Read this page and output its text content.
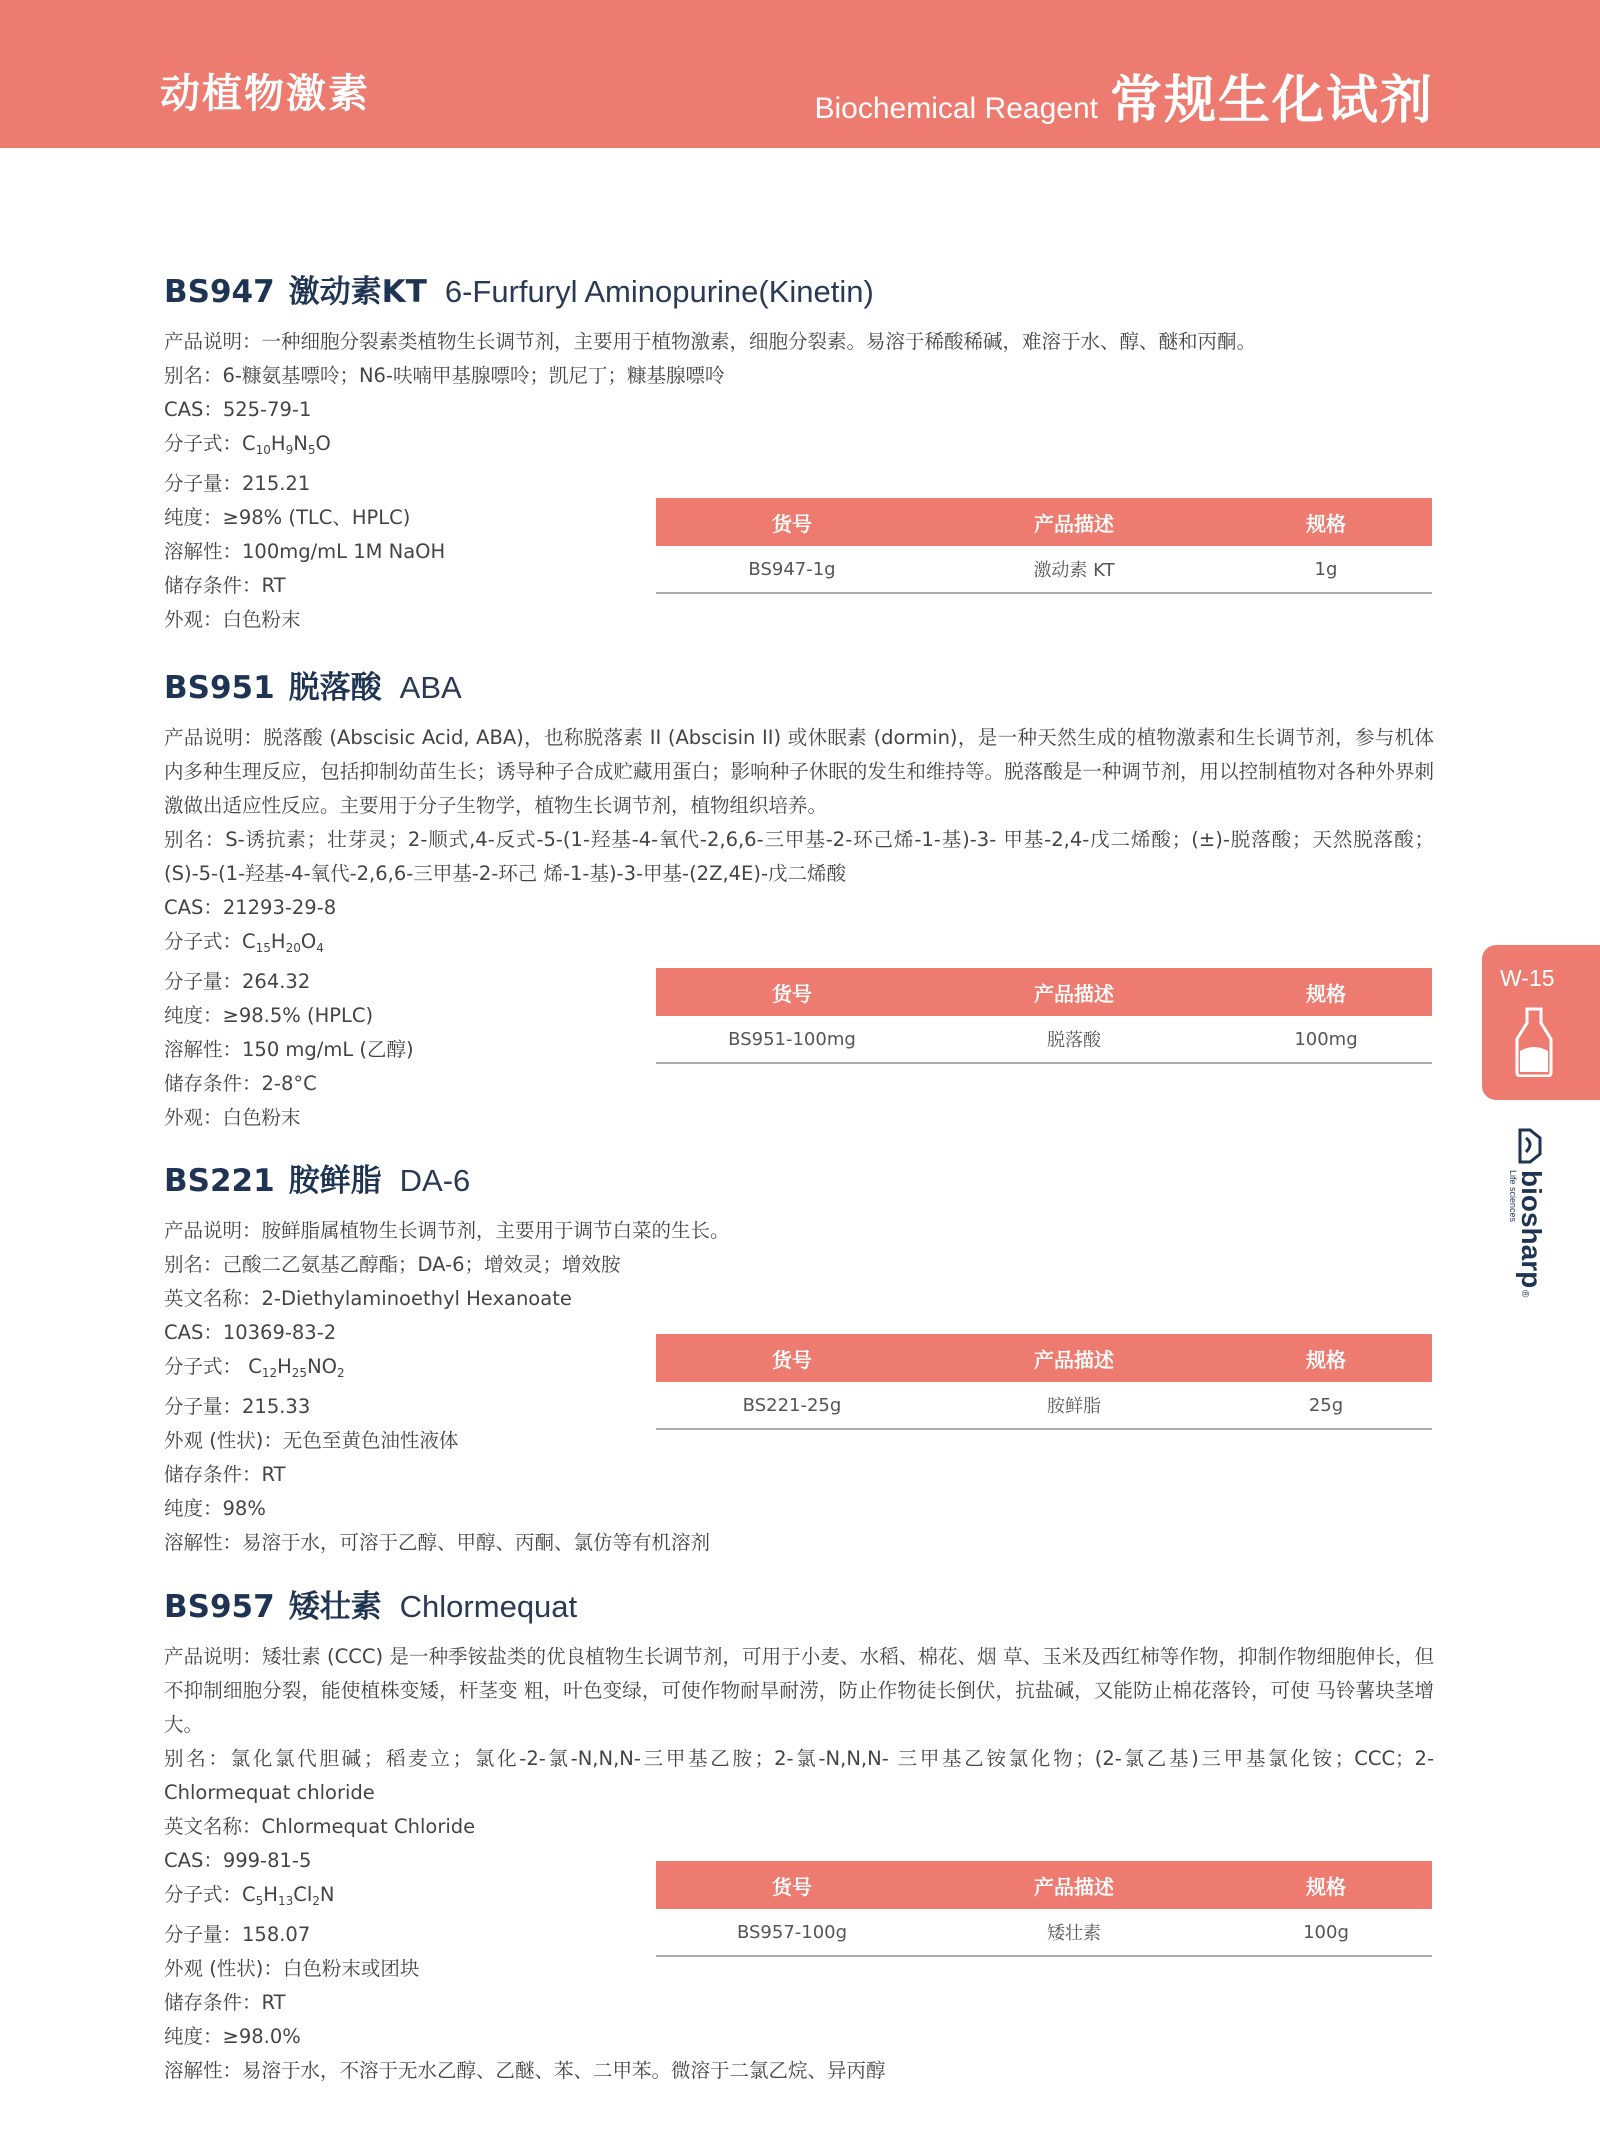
动植物激素	Biochemical Reagent 常规生化试剂
BS947 激动素KT 6-Furfuryl Aminopurine(Kinetin)
产品说明：一种细胞分裂素类植物生长调节剂，主要用于植物激素，细胞分裂素。易溶于稀酸稀碱，难溶于水、醇、醚和丙酮。
别名：6-糠氨基嘌呤；N6-呋喃甲基腺嘌呤；凯尼丁；糠基腺嘌呤
CAS：525-79-1
分子式：$C_{10}H_9N_5O$
分子量：215.21
纯度：≥98% (TLC、HPLC)
溶解性：100mg/mL 1M NaOH
储存条件：RT
外观：白色粉末
货号	产品描述	规格
BS947-1g	激动素 KT	1g
BS951 脱落酸 ABA
产品说明：脱落酸 (Abscisic Acid, ABA)，也称脱落素 II (Abscisin II) 或休眠素 (dormin)，是一种天然生成的植物激素和生长调节剂，参与机体内多种生理反应，包括抑制幼苗生长；诱导种子合成贮藏用蛋白；影响种子休眠的发生和维持等。脱落酸是一种调节剂，用以控制植物对各种外界刺激做出适应性反应。主要用于分子生物学，植物生长调节剂，植物组织培养。
别名：S-诱抗素；壮芽灵；2-顺式,4-反式-5-(1-羟基-4-氧代-2,6,6-三甲基-2-环己烯-1-基)-3- 甲基-2,4-戊二烯酸；(±)-脱落酸；天然脱落酸；(S)-5-(1-羟基-4-氧代-2,6,6-三甲基-2-环己 烯-1-基)-3-甲基-(2Z,4E)-戊二烯酸
CAS：21293-29-8
分子式：$C_{15}H_{20}O_4$
分子量：264.32
纯度：≥98.5% (HPLC)
溶解性：150 mg/mL (乙醇)
储存条件：2-8°C
外观：白色粉末
货号	产品描述	规格
BS951-100mg	脱落酸	100mg
BS221 胺鲜脂 DA-6
产品说明：胺鲜脂属植物生长调节剂，主要用于调节白菜的生长。
别名：己酸二乙氨基乙醇酯；DA-6；增效灵；增效胺
英文名称：2-Diethylaminoethyl Hexanoate
CAS：10369-83-2
分子式： $C_{12}H_{25}NO_2$
分子量：215.33
外观 (性状)：无色至黄色油性液体
储存条件：RT
纯度：98%
溶解性：易溶于水，可溶于乙醇、甲醇、丙酮、氯仿等有机溶剂
货号	产品描述	规格
BS221-25g	胺鲜脂	25g
BS957 矮壮素 Chlormequat
产品说明：矮壮素 (CCC) 是一种季铵盐类的优良植物生长调节剂，可用于小麦、水稻、棉花、烟 草、玉米及西红柿等作物，抑制作物细胞伸长，但不抑制细胞分裂，能使植株变矮，杆茎变 粗，叶色变绿，可使作物耐旱耐涝，防止作物徒长倒伏，抗盐碱，又能防止棉花落铃，可使 马铃薯块茎增大。
别名：氯化氯代胆碱；稻麦立；氯化-2-氯-N,N,N-三甲基乙胺；2-氯-N,N,N- 三甲基乙铵氯化物；(2-氯乙基)三甲基氯化铵；CCC；2-Chlormequat chloride
英文名称：Chlormequat Chloride
CAS：999-81-5
分子式：$C_5H_{13}Cl_2N$
分子量：158.07
外观 (性状)：白色粉末或团块
储存条件：RT
纯度：≥98.0%
溶解性：易溶于水，不溶于无水乙醇、乙醚、苯、二甲苯。微溶于二氯乙烷、异丙醇
货号	产品描述	规格
BS957-100g	矮壮素	100g
W-15
biosharp
Life sciences
®
